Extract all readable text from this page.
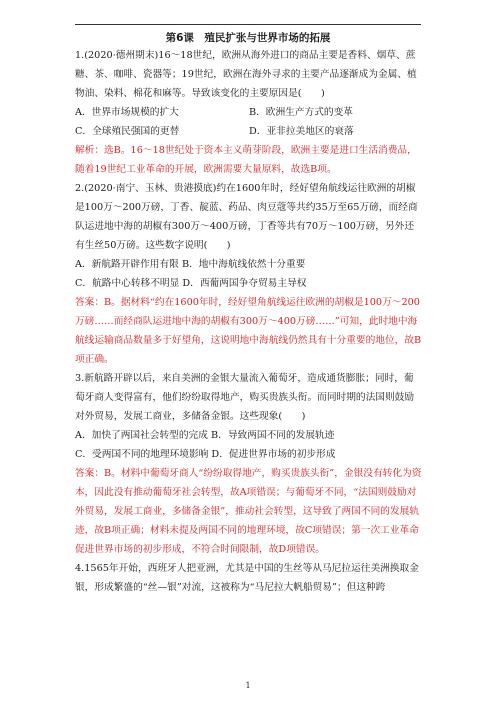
第6课　殖民扩张与世界市场的拓展

1.(2020·德州期末)16～18世纪，欧洲从海外进口的商品主要是香料、烟草、蔗糖、茶、咖啡、瓷器等；19世纪，欧洲在海外寻求的主要产品逐渐成为金属、植物油、染料、棉花和麻等。导致该变化的主要原因是(　　)

A．世界市场规模的扩大	B．欧洲生产方式的变革
C．全球殖民强国的更替	D．亚非拉美地区的衰落

解析：选B。16～18世纪处于资本主义萌芽阶段，欧洲主要是进口生活消费品，随着19世纪工业革命的开展，欧洲需要大量原料，故选B项。

2.(2020·南宁、玉林、贵港摸底)约在1600年时，经好望角航线运往欧洲的胡椒是100万～200万磅，丁香、靛蓝、药品、肉豆蔻等共约35万至65万磅，而经商队运进地中海的胡椒有300万～400万磅，丁香等共有70万～100万磅，另外还有生丝50万磅。这些数字说明(　　)

A．新航路开辟作用有限 B．地中海航线依然十分重要

C．航路中心转移不明显 D．西葡两国争夺贸易主导权

答案：B。据材料“约在1600年时，经好望角航线运往欧洲的胡椒是100万～200万磅……而经商队运进地中海的胡椒有300万～400万磅……”可知，此时地中海航线运输商品数量多于好望角，这说明地中海航线仍然具有十分重要的地位，故B项正确。

3.新航路开辟以后，来自美洲的金银大量流入葡萄牙，造成通货膨胀；同时，葡萄牙商人变得富有，他们纷纷取得地产，购买贵族头衔。而同时期的法国则鼓励对外贸易，发展工商业，多储备金银。这些现象(　　)

A．加快了两国社会转型的完成 B．导致两国不同的发展轨迹

C．受两国不同的地理环境影响 D．促进世界市场的初步形成

答案：B。材料中葡萄牙商人“纷纷取得地产，购买贵族头衔”，金银没有转化为资本，因此没有推动葡萄牙社会转型，故A项错误；与葡萄牙不同，“法国则鼓励对外贸易，发展工商业，多储备金银”，推动社会转型，这导致了两国不同的发展轨迹，故B项正确；材料未提及两国不同的地理环境，故C项错误；第一次工业革命促进世界市场的初步形成，不符合时间限制，故D项错误。

4.1565年开始，西班牙人把亚洲，尤其是中国的生丝等从马尼拉运往美洲换取金银，形成繁盛的“丝—银”对流，这被称为“马尼拉大帆船贸易”；但这种跨

1
